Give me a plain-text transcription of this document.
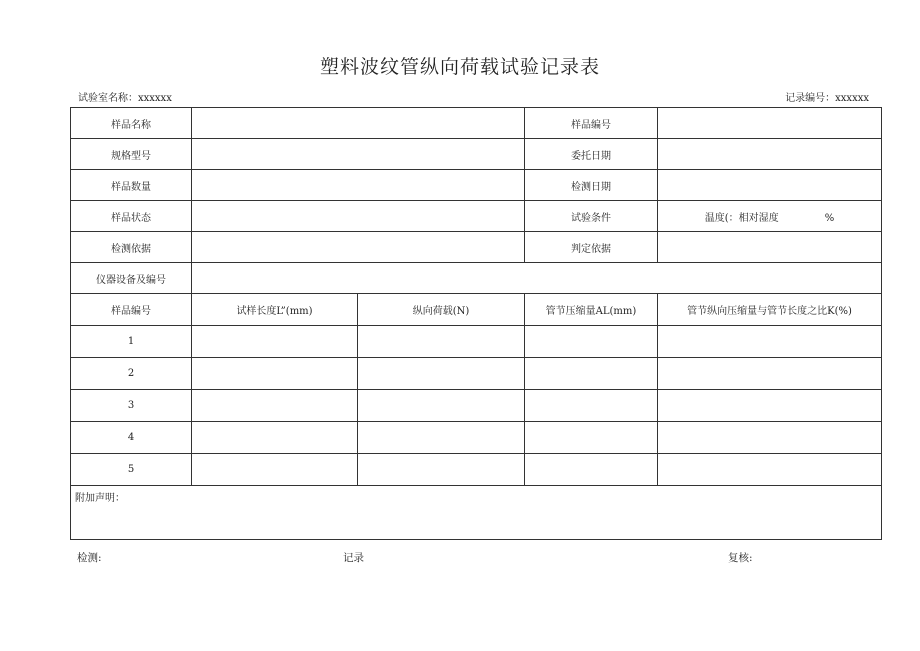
塑料波纹管纵向荷载试验记录表
试验室名称：xxxxxx	记录编号：xxxxxx
样品名称			样品编号	
规格型号			委托日期	
样品数量			检测日期	
样品状态			试验条件	温度(：相对湿度 %
检测依据			判定依据	
仪器设备及编号				
样品编号	试样长度L”(mm)	纵向荷载(N)	管节压缩量AL(mm)	管节纵向压缩量与管节长度之比K(%)
1				
2				
3				
4				
5				
附加声明：				
检测:	记录	复核:
